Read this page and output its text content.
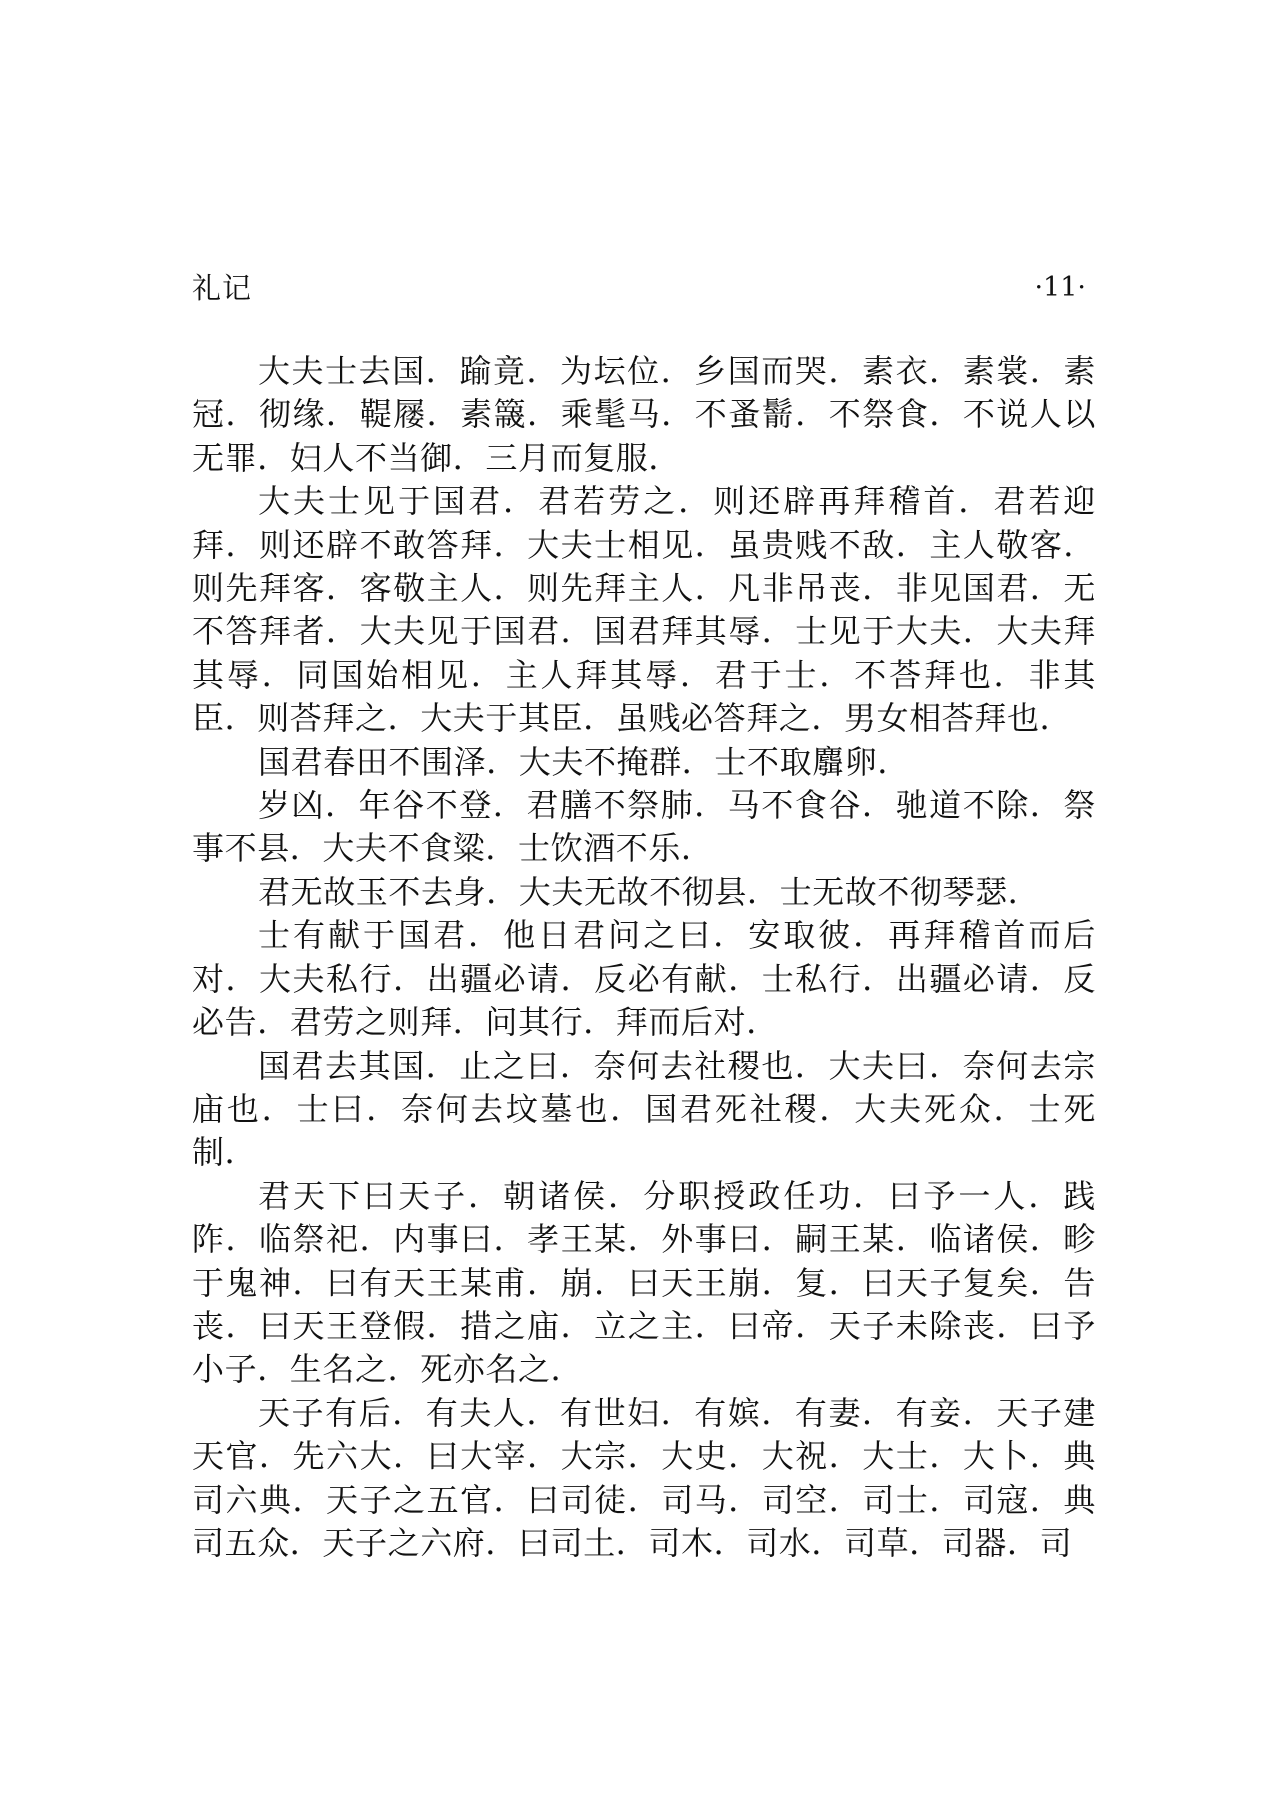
礼记	·11·

大夫士去国．踰竟．为坛位．乡国而哭．素衣．素裳．素冠．彻缘．鞮屦．素簚．乘髦马．不蚤鬋．不祭食．不说人以无罪．妇人不当御．三月而复服．

大夫士见于国君．君若劳之．则还辟再拜稽首．君若迎拜．则还辟不敢答拜．大夫士相见．虽贵贱不敌．主人敬客．则先拜客．客敬主人．则先拜主人．凡非吊丧．非见国君．无不答拜者．大夫见于国君．国君拜其辱．士见于大夫．大夫拜其辱．同国始相见．主人拜其辱．君于士．不荅拜也．非其臣．则荅拜之．大夫于其臣．虽贱必答拜之．男女相荅拜也．

国君春田不围泽．大夫不掩群．士不取麛卵．

岁凶．年谷不登．君膳不祭肺．马不食谷．驰道不除．祭事不县．大夫不食粱．士饮酒不乐．

君无故玉不去身．大夫无故不彻县．士无故不彻琴瑟．

士有献于国君．他日君问之曰．安取彼．再拜稽首而后对．大夫私行．出疆必请．反必有献．士私行．出疆必请．反必告．君劳之则拜．问其行．拜而后对．

国君去其国．止之曰．奈何去社稷也．大夫曰．奈何去宗庙也．士曰．奈何去坟墓也．国君死社稷．大夫死众．士死制．

君天下曰天子．朝诸侯．分职授政任功．曰予一人．践阼．临祭祀．内事曰．孝王某．外事曰．嗣王某．临诸侯．畛于鬼神．曰有天王某甫．崩．曰天王崩．复．曰天子复矣．告丧．曰天王登假．措之庙．立之主．曰帝．天子未除丧．曰予小子．生名之．死亦名之．

天子有后．有夫人．有世妇．有嫔．有妻．有妾．天子建天官．先六大．曰大宰．大宗．大史．大祝．大士．大卜．典司六典．天子之五官．曰司徒．司马．司空．司士．司寇．典司五众．天子之六府．曰司土．司木．司水．司草．司器．司
